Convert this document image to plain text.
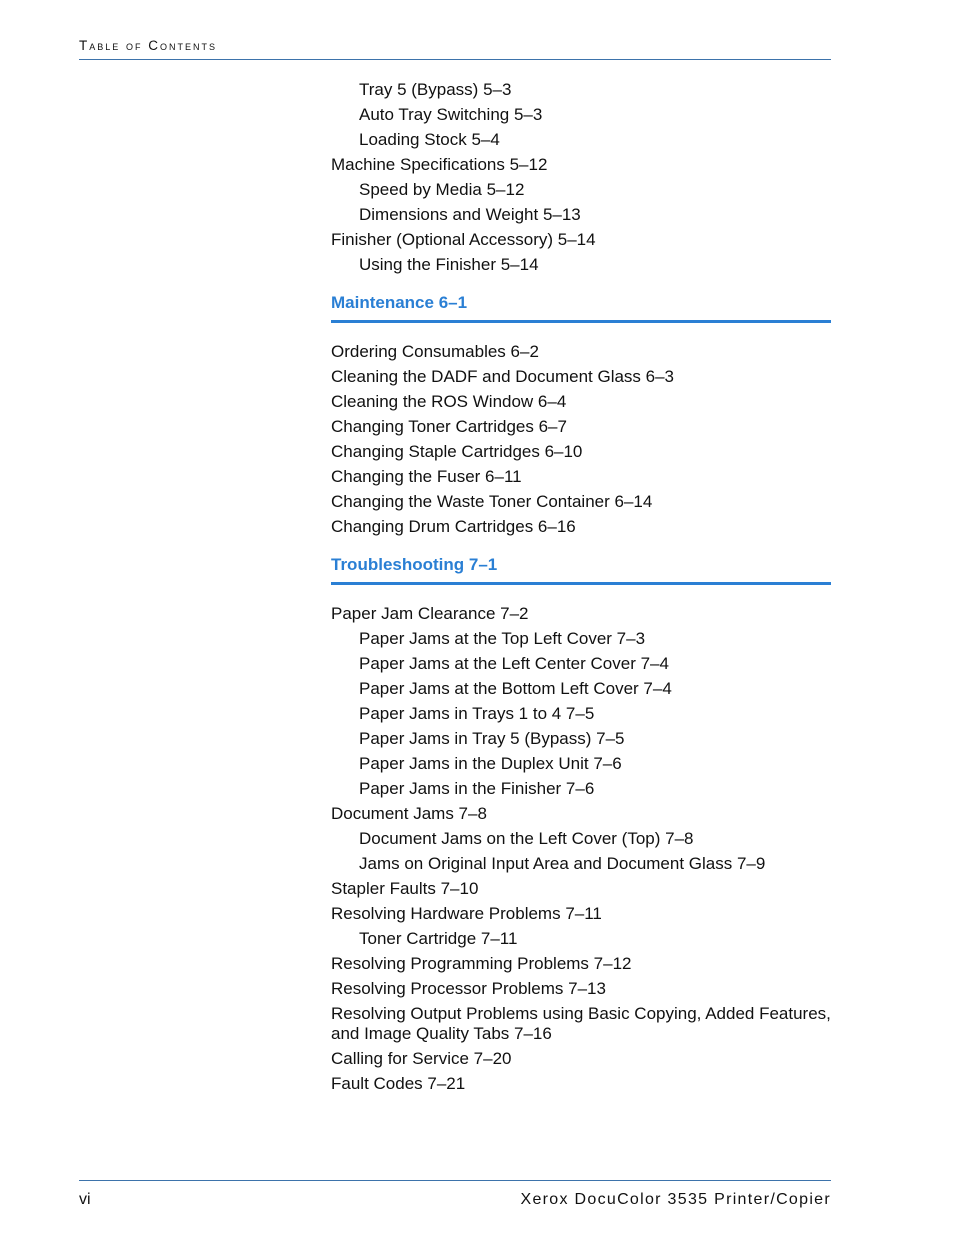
Table of Contents
Tray 5 (Bypass) 5–3
Auto Tray Switching 5–3
Loading Stock 5–4
Machine Specifications 5–12
Speed by Media 5–12
Dimensions and Weight 5–13
Finisher (Optional Accessory) 5–14
Using the Finisher 5–14
Maintenance 6–1
Ordering Consumables 6–2
Cleaning the DADF and Document Glass 6–3
Cleaning the ROS Window 6–4
Changing Toner Cartridges 6–7
Changing Staple Cartridges 6–10
Changing the Fuser 6–11
Changing the Waste Toner Container 6–14
Changing Drum Cartridges 6–16
Troubleshooting 7–1
Paper Jam Clearance 7–2
Paper Jams at the Top Left Cover 7–3
Paper Jams at the Left Center Cover 7–4
Paper Jams at the Bottom Left Cover 7–4
Paper Jams in Trays 1 to 4 7–5
Paper Jams in Tray 5 (Bypass) 7–5
Paper Jams in the Duplex Unit 7–6
Paper Jams in the Finisher 7–6
Document Jams 7–8
Document Jams on the Left Cover (Top) 7–8
Jams on Original Input Area and Document Glass 7–9
Stapler Faults 7–10
Resolving Hardware Problems 7–11
Toner Cartridge 7–11
Resolving Programming Problems 7–12
Resolving Processor Problems 7–13
Resolving Output Problems using Basic Copying, Added Features, and Image Quality Tabs 7–16
Calling for Service 7–20
Fault Codes 7–21
vi	Xerox DocuColor 3535 Printer/Copier
